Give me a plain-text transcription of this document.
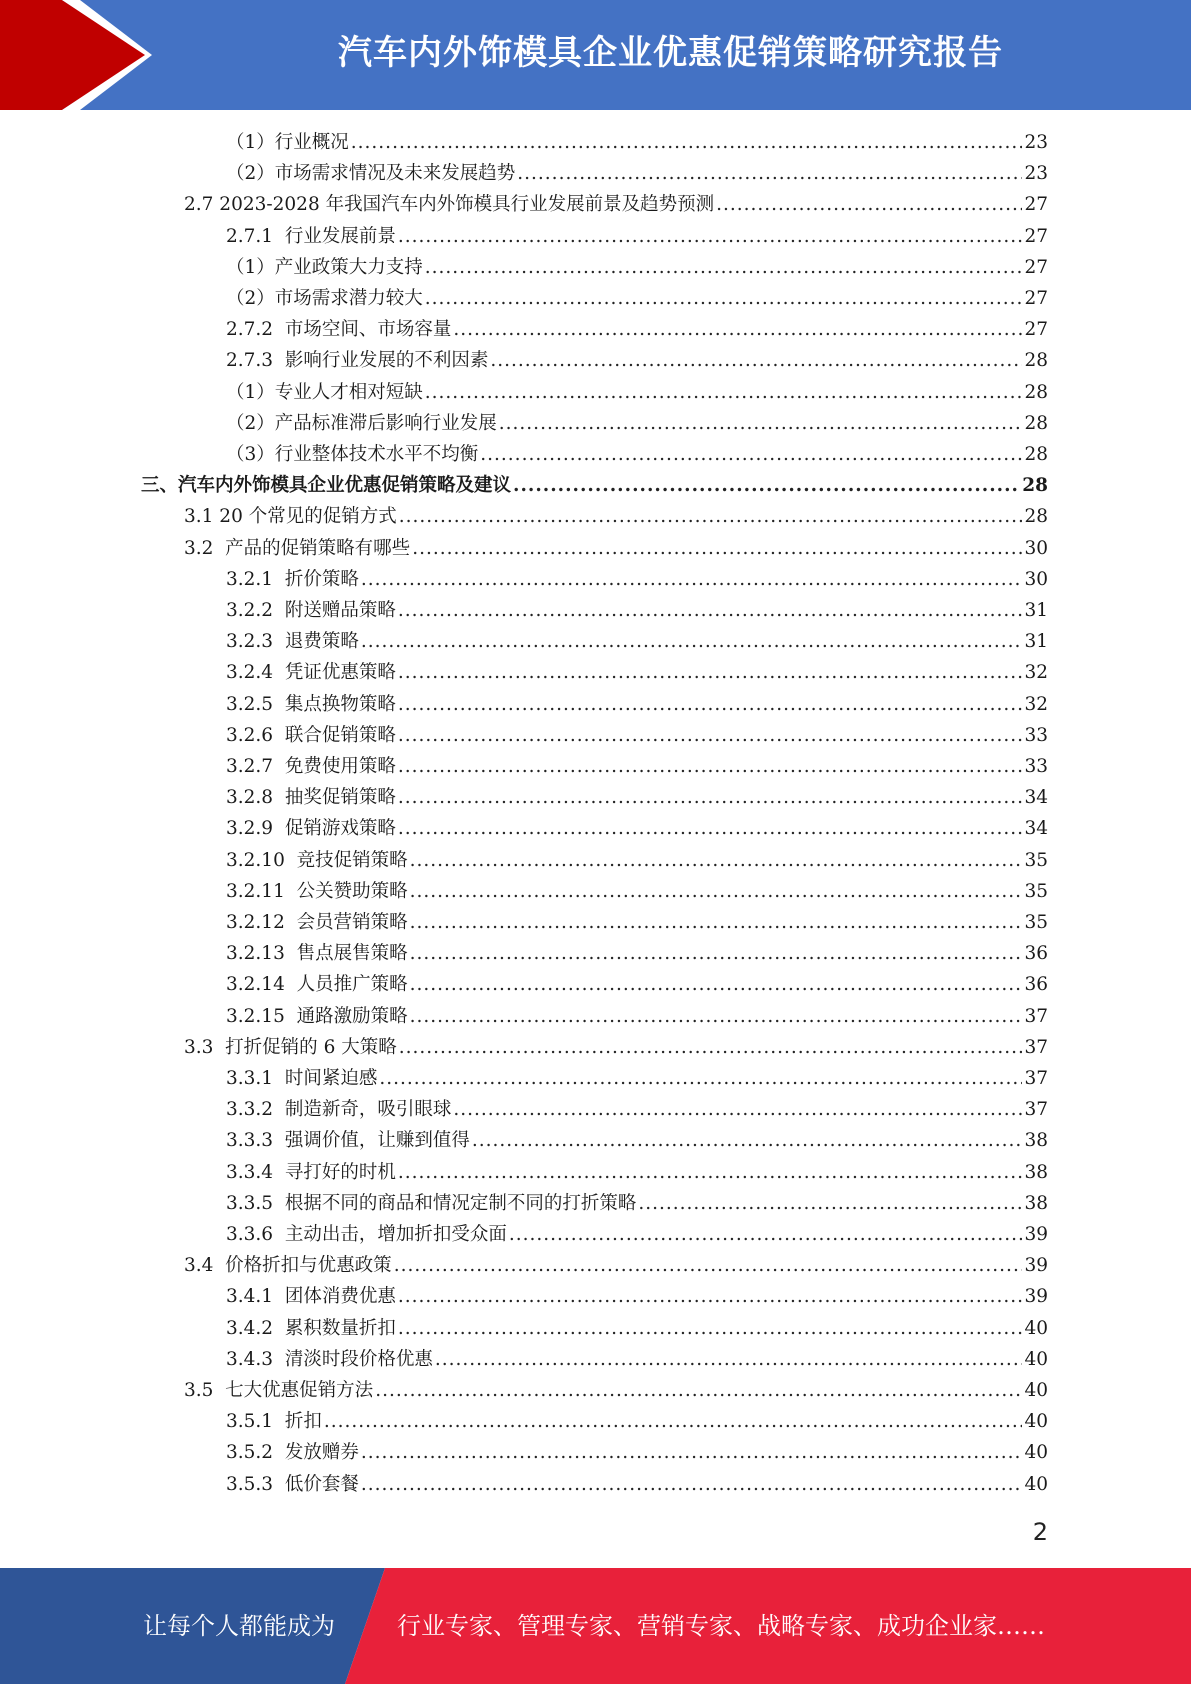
汽车内外饰模具企业优惠促销策略研究报告
（1）行业概况 .....	23
（2）市场需求情况及未来发展趋势 .....	23
2.7 2023-2028 年我国汽车内外饰模具行业发展前景及趋势预测 .....	27
2.7.1  行业发展前景 .....	27
（1）产业政策大力支持 .....	27
（2）市场需求潜力较大 .....	27
2.7.2  市场空间、市场容量 .....	27
2.7.3  影响行业发展的不利因素 .....	28
（1）专业人才相对短缺 .....	28
（2）产品标准滞后影响行业发展 .....	28
（3）行业整体技术水平不均衡 .....	28
三、汽车内外饰模具企业优惠促销策略及建议 .....	28
3.1 20 个常见的促销方式 .....	28
3.2  产品的促销策略有哪些 .....	30
3.2.1  折价策略 .....	30
3.2.2  附送赠品策略 .....	31
3.2.3  退费策略 .....	31
3.2.4  凭证优惠策略 .....	32
3.2.5  集点换物策略 .....	32
3.2.6  联合促销策略 .....	33
3.2.7  免费使用策略 .....	33
3.2.8  抽奖促销策略 .....	34
3.2.9  促销游戏策略 .....	34
3.2.10  竞技促销策略 .....	35
3.2.11  公关赞助策略 .....	35
3.2.12  会员营销策略 .....	35
3.2.13  售点展售策略 .....	36
3.2.14  人员推广策略 .....	36
3.2.15  通路激励策略 .....	37
3.3  打折促销的 6 大策略 .....	37
3.3.1  时间紧迫感 .....	37
3.3.2  制造新奇，吸引眼球 .....	37
3.3.3  强调价值，让赚到值得 .....	38
3.3.4  寻打好的时机 .....	38
3.3.5  根据不同的商品和情况定制不同的打折策略 .....	38
3.3.6  主动出击，增加折扣受众面 .....	39
3.4  价格折扣与优惠政策 .....	39
3.4.1  团体消费优惠 .....	39
3.4.2  累积数量折扣 .....	40
3.4.3  清淡时段价格优惠 .....	40
3.5  七大优惠促销方法 .....	40
3.5.1  折扣 .....	40
3.5.2  发放赠券 .....	40
3.5.3  低价套餐 .....	40
2
让每个人都能成为	行业专家、管理专家、营销专家、战略专家、成功企业家……
